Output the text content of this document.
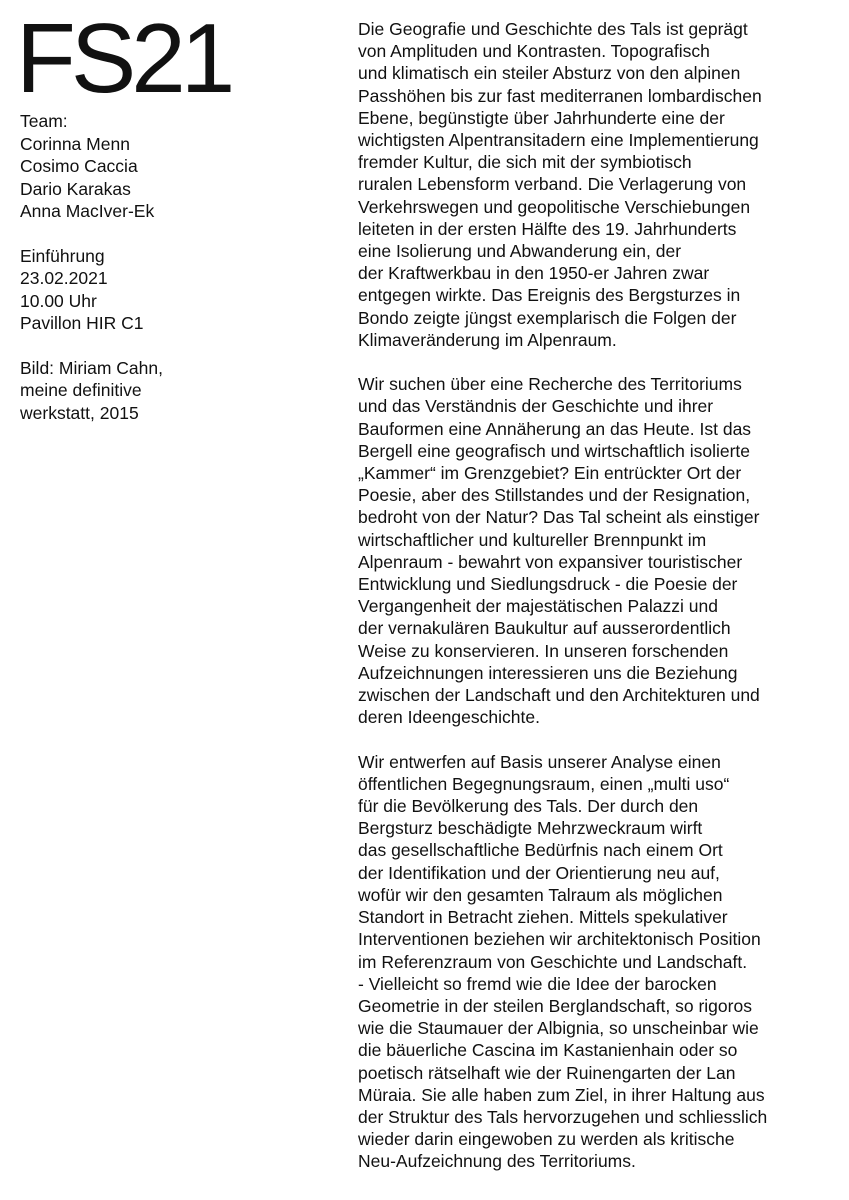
FS21
Team:
Corinna Menn
Cosimo Caccia
Dario Karakas
Anna MacIver-Ek
Einführung
23.02.2021
10.00 Uhr
Pavillon HIR C1
Bild: Miriam Cahn,
meine definitive
werkstatt, 2015
Die Geografie und Geschichte des Tals ist geprägt
von Amplituden und Kontrasten. Topografisch
und klimatisch ein steiler Absturz von den alpinen
Passhöhen bis zur fast mediterranen lombardischen
Ebene, begünstigte über Jahrhunderte eine der
wichtigsten Alpentransitadern eine Implementierung
fremder Kultur, die sich mit der symbiotisch
ruralen Lebensform verband. Die Verlagerung von
Verkehrswegen und geopolitische Verschiebungen
leiteten in der ersten Hälfte des 19. Jahrhunderts
eine Isolierung und Abwanderung ein, der
der Kraftwerkbau in den 1950-er Jahren zwar
entgegen wirkte. Das Ereignis des Bergsturzes in
Bondo zeigte jüngst exemplarisch die Folgen der
Klimaveränderung im Alpenraum.
Wir suchen über eine Recherche des Territoriums
und das Verständnis der Geschichte und ihrer
Bauformen eine Annäherung an das Heute. Ist das
Bergell eine geografisch und wirtschaftlich isolierte
„Kammer“ im Grenzgebiet? Ein entrückter Ort der
Poesie, aber des Stillstandes und der Resignation,
bedroht von der Natur? Das Tal scheint als einstiger
wirtschaftlicher und kultureller Brennpunkt im
Alpenraum - bewahrt von expansiver touristischer
Entwicklung und Siedlungsdruck - die Poesie der
Vergangenheit der majestätischen Palazzi und
der vernakulären Baukultur auf ausserordentlich
Weise zu konservieren. In unseren forschenden
Aufzeichnungen interessieren uns die Beziehung
zwischen der Landschaft und den Architekturen und
deren Ideengeschichte.
Wir entwerfen auf Basis unserer Analyse einen
öffentlichen Begegnungsraum, einen „multi uso“
für die Bevölkerung des Tals. Der durch den
Bergsturz beschädigte Mehrzweckraum wirft
das gesellschaftliche Bedürfnis nach einem Ort
der Identifikation und der Orientierung neu auf,
wofür wir den gesamten Talraum als möglichen
Standort in Betracht ziehen. Mittels spekulativer
Interventionen beziehen wir architektonisch Position
im Referenzraum von Geschichte und Landschaft.
- Vielleicht so fremd wie die Idee der barocken
Geometrie in der steilen Berglandschaft, so rigoros
wie die Staumauer der Albignia, so unscheinbar wie
die bäuerliche Cascina im Kastanienhain oder so
poetisch rätselhaft wie der Ruinengarten der Lan
Müraia. Sie alle haben zum Ziel, in ihrer Haltung aus
der Struktur des Tals hervorzugehen und schliesslich
wieder darin eingewoben zu werden als kritische
Neu-Aufzeichnung des Territoriums.
